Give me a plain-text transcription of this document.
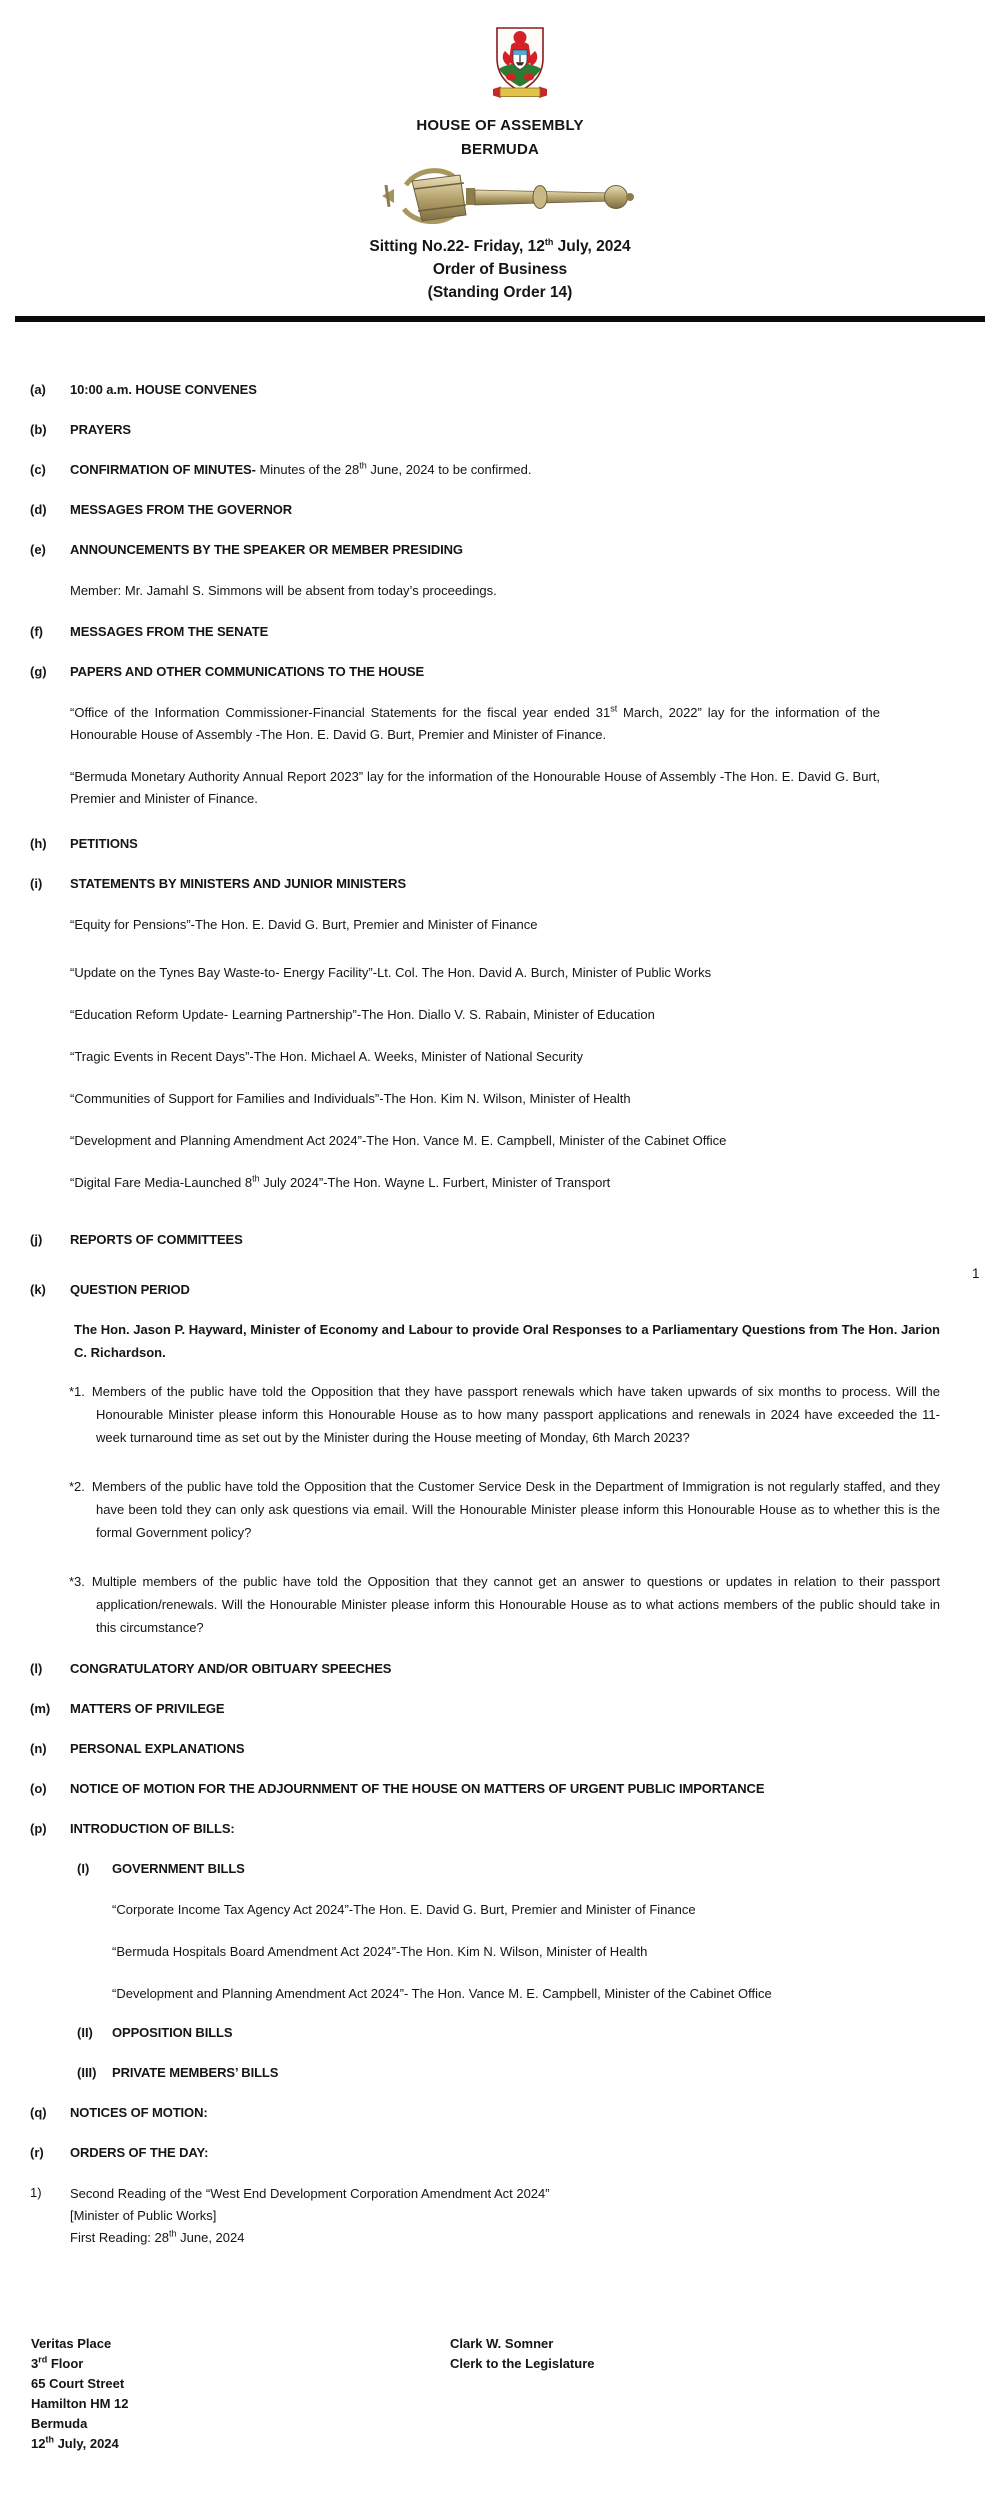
HOUSE OF ASSEMBLY
BERMUDA
Sitting No.22- Friday, 12th July, 2024
Order of Business
(Standing Order 14)
1
(a)	10:00 a.m. HOUSE CONVENES
(b)	PRAYERS
(c)	CONFIRMATION OF MINUTES- Minutes of the 28th June, 2024 to be confirmed.
(d)	MESSAGES FROM THE GOVERNOR
(e)	ANNOUNCEMENTS BY THE SPEAKER OR MEMBER PRESIDING
Member: Mr. Jamahl S. Simmons will be absent from today’s proceedings.
(f)	MESSAGES FROM THE SENATE
(g)	PAPERS AND OTHER COMMUNICATIONS TO THE HOUSE

“Office of the Information Commissioner-Financial Statements for the fiscal year ended 31st March, 2022” lay for the information of the Honourable House of Assembly -The Hon. E. David G. Burt, Premier and Minister of Finance.

“Bermuda Monetary Authority Annual Report 2023” lay for the information of the Honourable House of Assembly -The Hon. E. David G. Burt, Premier and Minister of Finance.

(h)	PETITIONS
(i)	STATEMENTS BY MINISTERS AND JUNIOR MINISTERS

“Equity for Pensions”-The Hon. E. David G. Burt, Premier and Minister of Finance

“Update on the Tynes Bay Waste-to- Energy Facility”-Lt. Col. The Hon. David A. Burch, Minister of Public Works

“Education Reform Update- Learning Partnership”-The Hon. Diallo V. S. Rabain, Minister of Education

“Tragic Events in Recent Days”-The Hon. Michael A. Weeks, Minister of National Security

“Communities of Support for Families and Individuals”-The Hon. Kim N. Wilson, Minister of Health

“Development and Planning Amendment Act 2024”-The Hon. Vance M. E. Campbell, Minister of the Cabinet Office

“Digital Fare Media-Launched 8th July 2024”-The Hon. Wayne L. Furbert, Minister of Transport

(j)	REPORTS OF COMMITTEES
(k)	QUESTION PERIOD

The Hon. Jason P. Hayward, Minister of Economy and Labour to provide Oral Responses to a Parliamentary Questions from The Hon. Jarion C. Richardson.

*1. Members of the public have told the Opposition that they have passport renewals which have taken upwards of six months to process. Will the Honourable Minister please inform this Honourable House as to how many passport applications and renewals in 2024 have exceeded the 11-week turnaround time as set out by the Minister during the House meeting of Monday, 6th March 2023?

*2. Members of the public have told the Opposition that the Customer Service Desk in the Department of Immigration is not regularly staffed, and they have been told they can only ask questions via email. Will the Honourable Minister please inform this Honourable House as to whether this is the formal Government policy?

*3. Multiple members of the public have told the Opposition that they cannot get an answer to questions or updates in relation to their passport application/renewals. Will the Honourable Minister please inform this Honourable House as to what actions members of the public should take in this circumstance?

(l)	CONGRATULATORY AND/OR OBITUARY SPEECHES
(m)	MATTERS OF PRIVILEGE
(n)	PERSONAL EXPLANATIONS
(o)	NOTICE OF MOTION FOR THE ADJOURNMENT OF THE HOUSE ON MATTERS OF URGENT PUBLIC IMPORTANCE
(p)	INTRODUCTION OF BILLS:
(I)	GOVERNMENT BILLS

“Corporate Income Tax Agency Act 2024”-The Hon. E. David G. Burt, Premier and Minister of Finance

“Bermuda Hospitals Board Amendment Act 2024”-The Hon. Kim N. Wilson, Minister of Health

“Development and Planning Amendment Act 2024”- The Hon. Vance M. E. Campbell, Minister of the Cabinet Office

(II)	OPPOSITION BILLS
(III)	PRIVATE MEMBERS’ BILLS
(q)	NOTICES OF MOTION:
(r)	ORDERS OF THE DAY:
1)	Second Reading of the “West End Development Corporation Amendment Act 2024”
[Minister of Public Works]
First Reading: 28th June, 2024
Veritas Place
3rd Floor
65 Court Street
Hamilton HM 12
Bermuda
12th July, 2024
Clark W. Somner
Clerk to the Legislature
